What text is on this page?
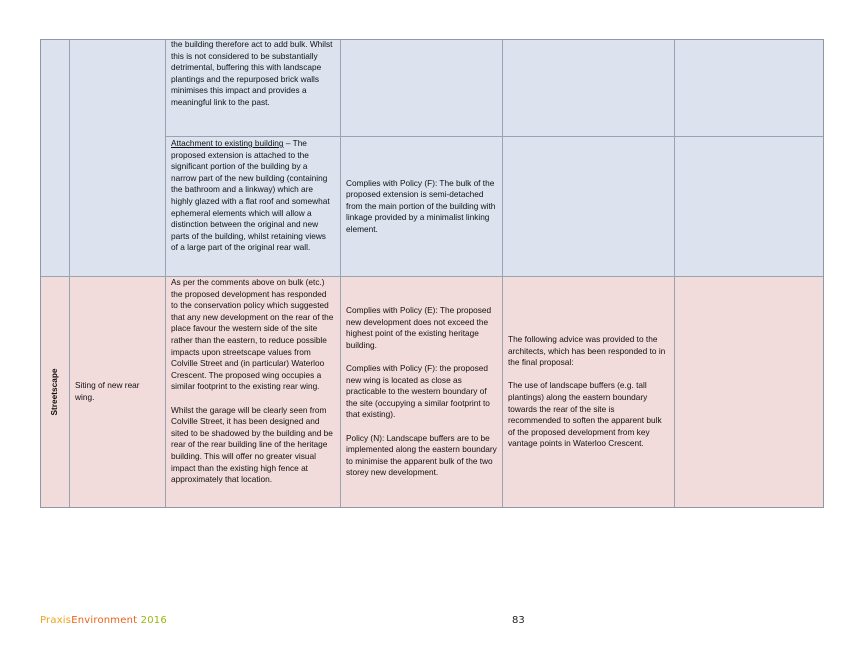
the building therefore act to add bulk. Whilst this is not considered to be substantially detrimental, buffering this with landscape plantings and the repurposed brick walls minimises this impact and provides a meaningful link to the past.

Attachment to existing building – The proposed extension is attached to the significant portion of the building by a narrow part of the new building (containing the bathroom and a linkway) which are highly glazed with a flat roof and somewhat ephemeral elements which will allow a distinction between the original and new parts of the building, whilst retaining views of a large part of the original rear wall.

Complies with Policy (F): The bulk of the proposed extension is semi-detached from the main portion of the building with linkage provided by a minimalist linking element.

Streetscape Siting of new rear wing.

As per the comments above on bulk (etc.) the proposed development has responded to the conservation policy which suggested that any new development on the rear of the place favour the western side of the site rather than the eastern, to reduce possible impacts upon streetscape values from Colville Street and (in particular) Waterloo Crescent. The proposed wing occupies a similar footprint to the existing rear wing.

Whilst the garage will be clearly seen from Colville Street, it has been designed and sited to be shadowed by the building and be rear of the rear building line of the heritage building. This will offer no greater visual impact than the existing high fence at approximately that location.

Complies with Policy (E): The proposed new development does not exceed the highest point of the existing heritage building.

Complies with Policy (F): the proposed new wing is located as close as practicable to the western boundary of the site (occupying a similar footprint to that existing).

Policy (N): Landscape buffers are to be implemented along the eastern boundary to minimise the apparent bulk of the two storey new development.

The following advice was provided to the architects, which has been responded to in the final proposal:

The use of landscape buffers (e.g. tall plantings) along the eastern boundary towards the rear of the site is recommended to soften the apparent bulk of the proposed development from key vantage points in Waterloo Crescent.

PraxisEnvironment 2016	83
